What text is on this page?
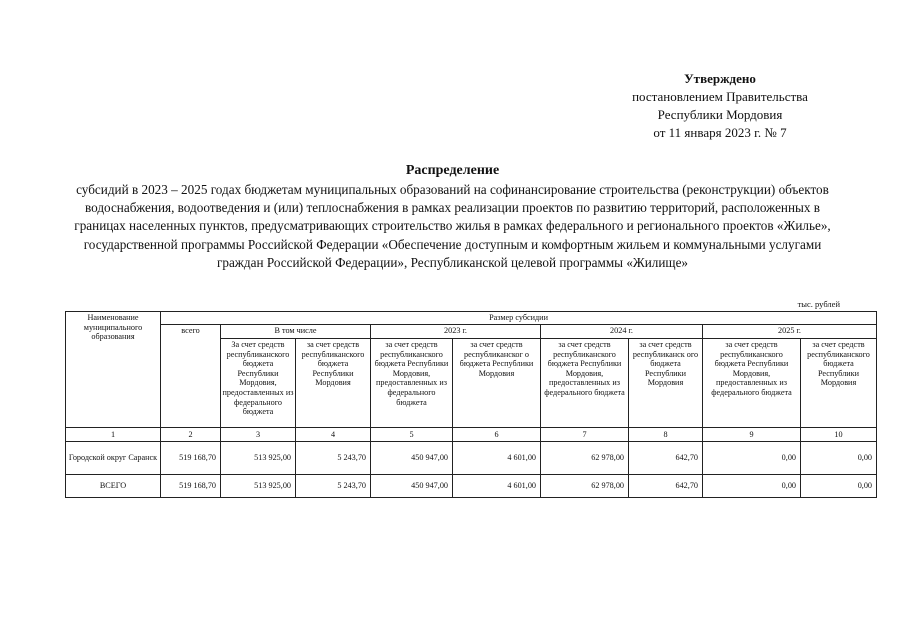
Утверждено
постановлением Правительства
Республики Мордовия
от 11 января 2023 г. № 7
Распределение
субсидий в 2023 – 2025 годах бюджетам муниципальных образований на софинансирование строительства (реконструкции) объектов водоснабжения, водоотведения и (или) теплоснабжения в рамках реализации проектов по развитию территорий, расположенных в границах населенных пунктов, предусматривающих строительство жилья в рамках федерального и регионального проектов «Жилье», государственной программы Российской Федерации «Обеспечение доступным и комфортным жильем и коммунальными услугами граждан Российской Федерации», Республиканской целевой программы «Жилище»
тыс. рублей
Наименование муниципального образования	Размер субсидии								
	всего	В том числе		2023 г.		2024 г.		2025 г.	
		За счет средств республиканского бюджета Республики Мордовия, предоставленных из федерального бюджета	за счет средств республиканского бюджета Республики Мордовия	за счет средств республиканского бюджета Республики Мордовия, предоставленных из федерального бюджета	за счет средств республиканског о бюджета Республики Мордовия	за счет средств республиканского бюджета Республики Мордовия, предоставленных из федерального бюджета	за счет средств республиканск ого бюджета Республики Мордовия	за счет средств республиканского бюджета Республики Мордовия, предоставленных из федерального бюджета	за счет средств республиканского бюджета Республики Мордовия
1	2	3	4	5	6	7	8	9	10
Городской округ Саранск	519 168,70	513 925,00	5 243,70	450 947,00	4 601,00	62 978,00	642,70	0,00	0,00
ВСЕГО	519 168,70	513 925,00	5 243,70	450 947,00	4 601,00	62 978,00	642,70	0,00	0,00
